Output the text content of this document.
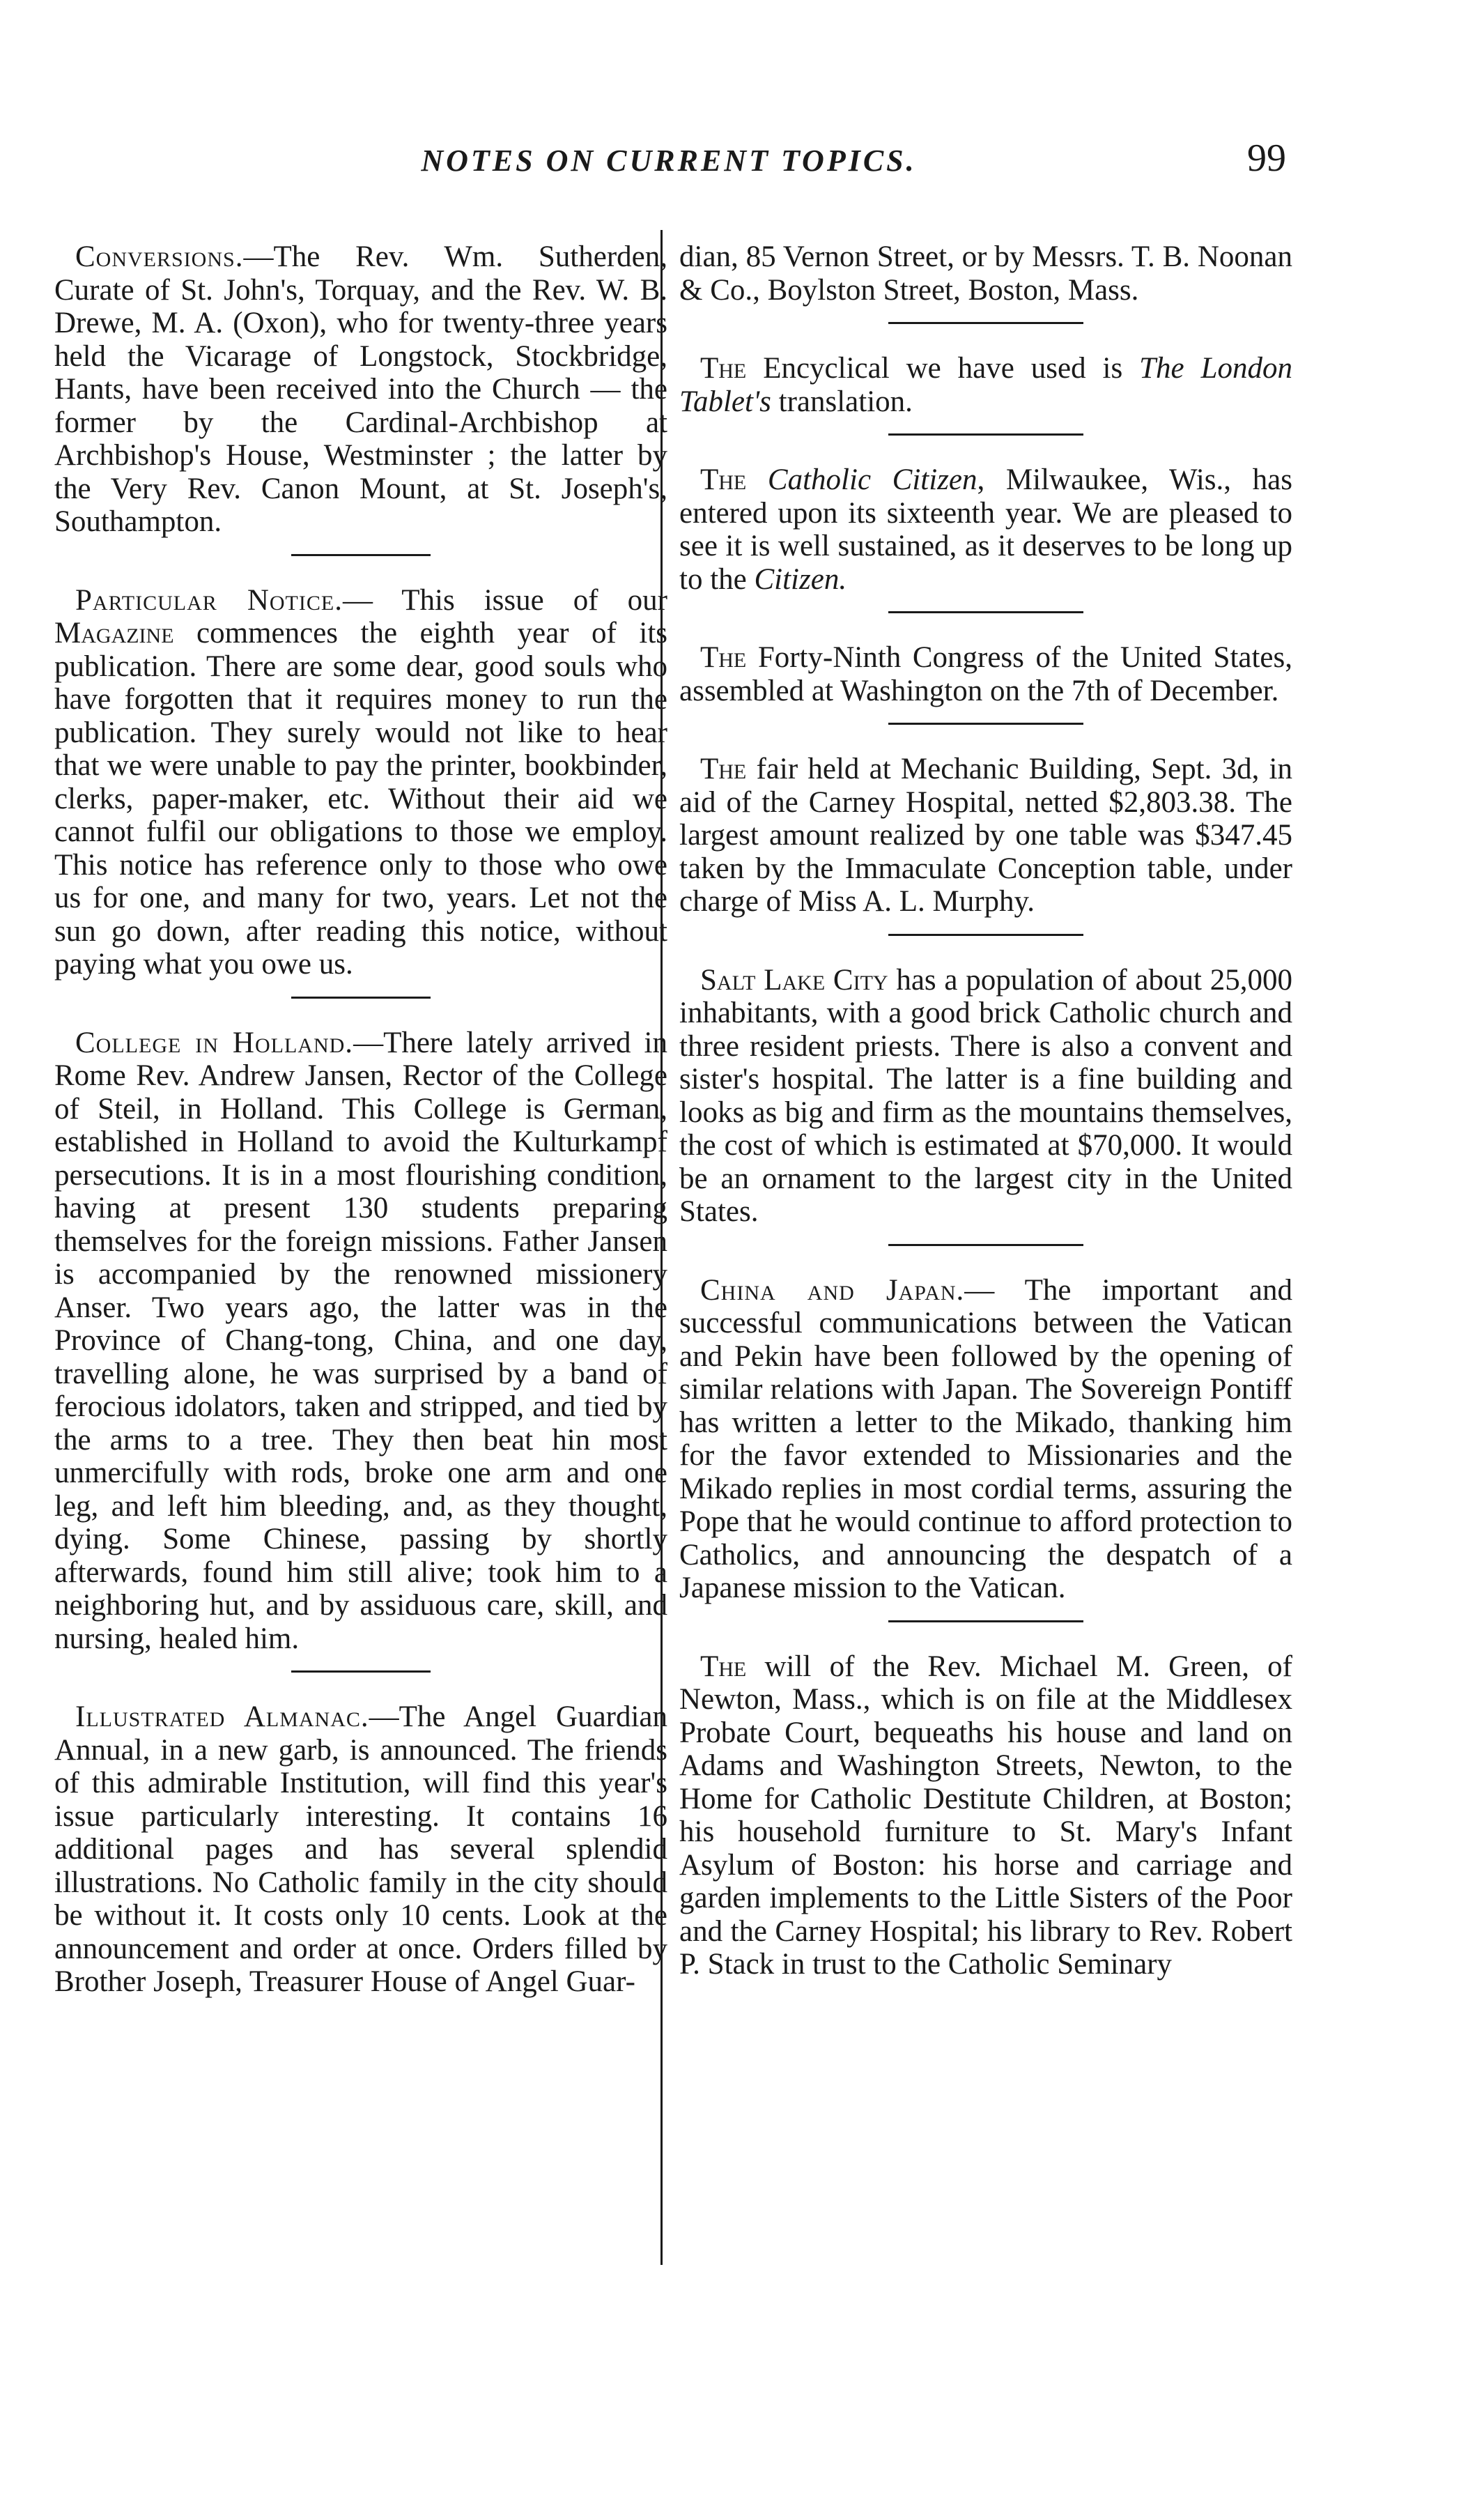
NOTES ON CURRENT TOPICS.	99

Conversions.—The Rev. Wm. Sutherden, Curate of St. John's, Torquay, and the Rev. W. B. Drewe, M. A. (Oxon), who for twenty-three years held the Vicarage of Longstock, Stockbridge, Hants, have been received into the Church — the former by the Cardinal-Archbishop at Archbishop's House, Westminster ; the latter by the Very Rev. Canon Mount, at St. Joseph's, Southampton.

Particular Notice.— This issue of our Magazine commences the eighth year of its publication. There are some dear, good souls who have forgotten that it requires money to run the publication. They surely would not like to hear that we were unable to pay the printer, bookbinder, clerks, paper-maker, etc. Without their aid we cannot fulfil our obligations to those we employ. This notice has reference only to those who owe us for one, and many for two, years. Let not the sun go down, after reading this notice, without paying what you owe us.

College in Holland.—There lately arrived in Rome Rev. Andrew Jansen, Rector of the College of Steil, in Holland. This College is German, established in Holland to avoid the Kulturkampf persecutions. It is in a most flourishing condition, having at present 130 students preparing themselves for the foreign missions. Father Jansen is accompanied by the renowned missionery Anser. Two years ago, the latter was in the Province of Chang-tong, China, and one day, travelling alone, he was surprised by a band of ferocious idolators, taken and stripped, and tied by the arms to a tree. They then beat hin most unmercifully with rods, broke one arm and one leg, and left him bleeding, and, as they thought, dying. Some Chinese, passing by shortly afterwards, found him still alive; took him to a neighboring hut, and by assiduous care, skill, and nursing, healed him.

Illustrated Almanac.—The Angel Guardian Annual, in a new garb, is announced. The friends of this admirable Institution, will find this year's issue particularly interesting. It contains 16 additional pages and has several splendid illustrations. No Catholic family in the city should be without it. It costs only 10 cents. Look at the announcement and order at once. Orders filled by Brother Joseph, Treasurer House of Angel Guar-

dian, 85 Vernon Street, or by Messrs. T. B. Noonan & Co., Boylston Street, Boston, Mass.

The Encyclical we have used is The London Tablet's translation.

The Catholic Citizen, Milwaukee, Wis., has entered upon its sixteenth year. We are pleased to see it is well sustained, as it deserves to be long up to the Citizen.

The Forty-Ninth Congress of the United States, assembled at Washington on the 7th of December.

The fair held at Mechanic Building, Sept. 3d, in aid of the Carney Hospital, netted $2,803.38. The largest amount realized by one table was $347.45 taken by the Immaculate Conception table, under charge of Miss A. L. Murphy.

Salt Lake City has a population of about 25,000 inhabitants, with a good brick Catholic church and three resident priests. There is also a convent and sister's hospital. The latter is a fine building and looks as big and firm as the mountains themselves, the cost of which is estimated at $70,000. It would be an ornament to the largest city in the United States.

China and Japan.— The important and successful communications between the Vatican and Pekin have been followed by the opening of similar relations with Japan. The Sovereign Pontiff has written a letter to the Mikado, thanking him for the favor extended to Missionaries and the Mikado replies in most cordial terms, assuring the Pope that he would continue to afford protection to Catholics, and announcing the despatch of a Japanese mission to the Vatican.

The will of the Rev. Michael M. Green, of Newton, Mass., which is on file at the Middlesex Probate Court, bequeaths his house and land on Adams and Washington Streets, Newton, to the Home for Catholic Destitute Children, at Boston; his household furniture to St. Mary's Infant Asylum of Boston: his horse and carriage and garden implements to the Little Sisters of the Poor and the Carney Hospital; his library to Rev. Robert P. Stack in trust to the Catholic Seminary
